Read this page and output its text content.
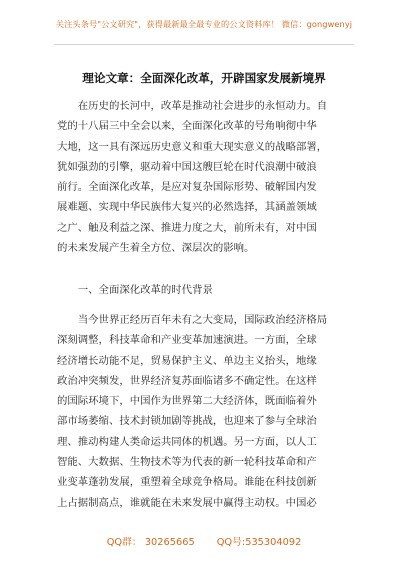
关注头条号"公文研究"，获得最新最全最专业的公文资料库！ 微信：gongwenyj
理论文章：全面深化改革，开辟国家发展新境界
　　在历史的长河中，改革是推动社会进步的永恒动力。自
党的十八届三中全会以来，全面深化改革的号角响彻中华
大地，这一具有深远历史意义和重大现实意义的战略部署，
犹如强劲的引擎，驱动着中国这艘巨轮在时代浪潮中破浪
前行。全面深化改革，是应对复杂国际形势、破解国内发
展难题、实现中华民族伟大复兴的必然选择，其涵盖领域
之广、触及利益之深、推进力度之大，前所未有，对中国
的未来发展产生着全方位、深层次的影响。
　　一、全面深化改革的时代背景
　　当今世界正经历百年未有之大变局，国际政治经济格局
深刻调整，科技革命和产业变革加速演进。一方面，全球
经济增长动能不足，贸易保护主义、单边主义抬头，地缘
政治冲突频发，世界经济复苏面临诸多不确定性。在这样
的国际环境下，中国作为世界第二大经济体，既面临着外
部市场萎缩、技术封锁加剧等挑战，也迎来了参与全球治
理、推动构建人类命运共同体的机遇。另一方面，以人工
智能、大数据、生物技术等为代表的新一轮科技革命和产
业变革蓬勃发展，重塑着全球竞争格局。谁能在科技创新
上占据制高点，谁就能在未来发展中赢得主动权。中国必
QQ群： 30265665 QQ号:535304092
